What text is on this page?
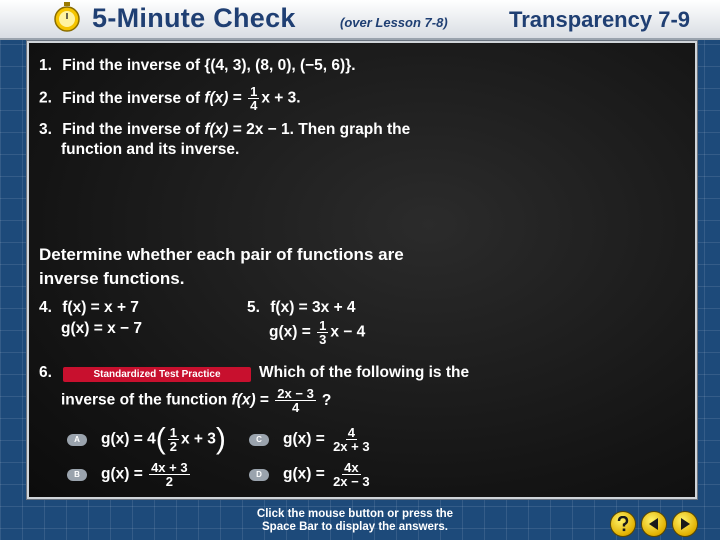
5-Minute Check	(over Lesson 7-8)	Transparency 7-9
1. Find the inverse of {(4, 3), (8, 0), (−5, 6)}.
2. Find the inverse of $f(x) = \frac{1}{4}$ x + 3.
3. Find the inverse of f(x) = 2x − 1. Then graph the
function and its inverse.
Determine whether each pair of functions are
inverse functions.
4. f(x) = x + 7
g(x) = x − 7
5. f(x) = 3x + 4
$g(x) = \frac{1}{3}$ x − 4
6.	Standardized Test Practice	Which of the following is the
inverse of the function $f(x) = \frac{2x - 3}{4}$ ?
A $g(x) = 4( \frac{1}{2}$ x + 3)
B $g(x) = \frac{4x + 3}{2}$
C $g(x) = \frac{4}{2x + 3}$
D $g(x) = \frac{4x}{2x - 3}$
Click the mouse button or press the
Space Bar to display the answers.
